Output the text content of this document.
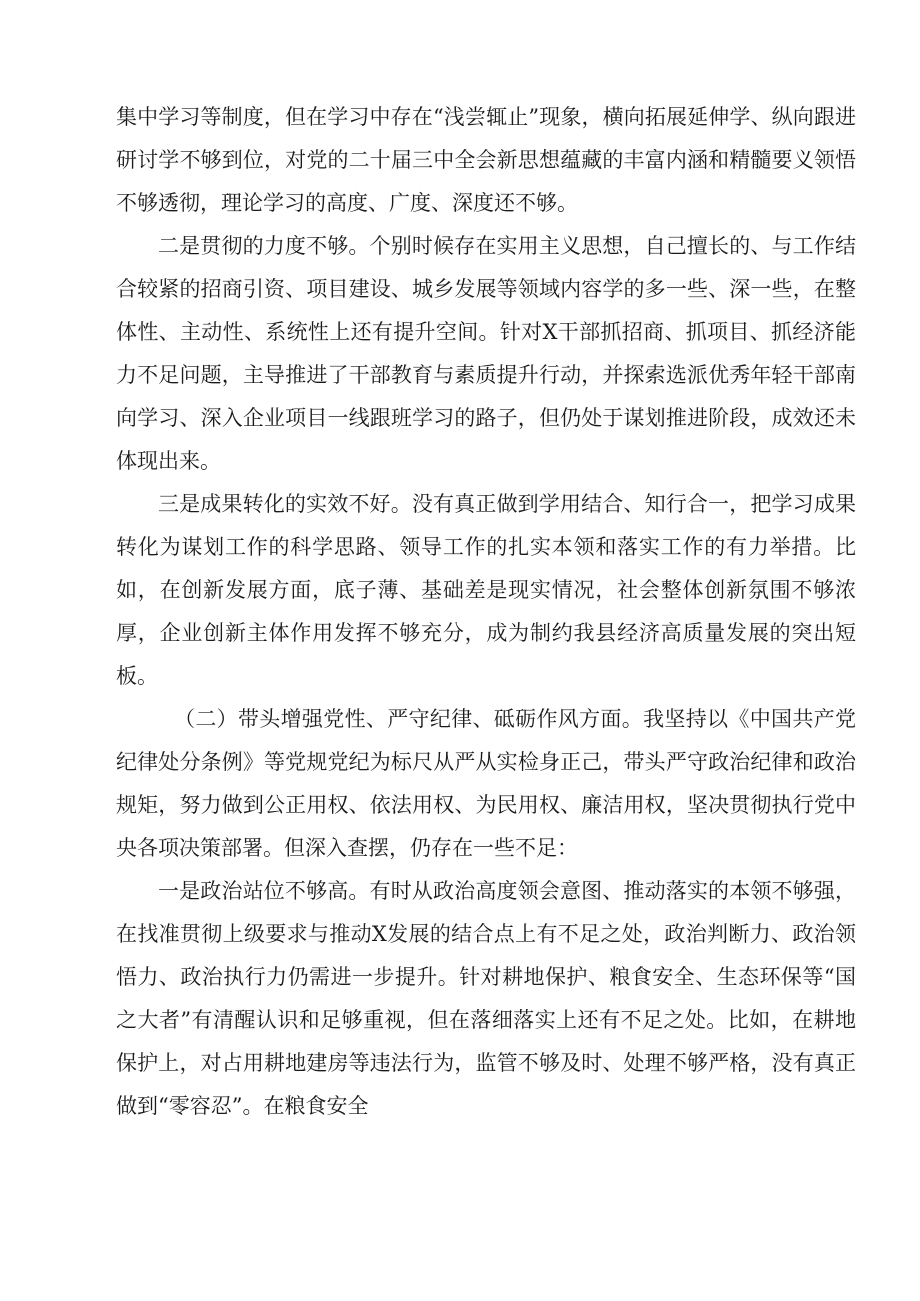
集中学习等制度，但在学习中存在“浅尝辄止”现象，横向拓展延伸学、纵向跟进研讨学不够到位，对党的二十届三中全会新思想蕴藏的丰富内涵和精髓要义领悟不够透彻，理论学习的高度、广度、深度还不够。

二是贯彻的力度不够。个别时候存在实用主义思想，自己擅长的、与工作结合较紧的招商引资、项目建设、城乡发展等领域内容学的多一些、深一些，在整体性、主动性、系统性上还有提升空间。针对X干部抓招商、抓项目、抓经济能力不足问题，主导推进了干部教育与素质提升行动，并探索选派优秀年轻干部南向学习、深入企业项目一线跟班学习的路子，但仍处于谋划推进阶段，成效还未体现出来。

三是成果转化的实效不好。没有真正做到学用结合、知行合一，把学习成果转化为谋划工作的科学思路、领导工作的扎实本领和落实工作的有力举措。比如，在创新发展方面，底子薄、基础差是现实情况，社会整体创新氛围不够浓厚，企业创新主体作用发挥不够充分，成为制约我县经济高质量发展的突出短板。

（二）带头增强党性、严守纪律、砥砺作风方面。我坚持以《中国共产党纪律处分条例》等党规党纪为标尺从严从实检身正己，带头严守政治纪律和政治规矩，努力做到公正用权、依法用权、为民用权、廉洁用权，坚决贯彻执行党中央各项决策部署。但深入查摆，仍存在一些不足：

一是政治站位不够高。有时从政治高度领会意图、推动落实的本领不够强，在找准贯彻上级要求与推动X发展的结合点上有不足之处，政治判断力、政治领悟力、政治执行力仍需进一步提升。针对耕地保护、粮食安全、生态环保等“国之大者”有清醒认识和足够重视，但在落细落实上还有不足之处。比如，在耕地保护上，对占用耕地建房等违法行为，监管不够及时、处理不够严格，没有真正做到“零容忍”。在粮食安全
